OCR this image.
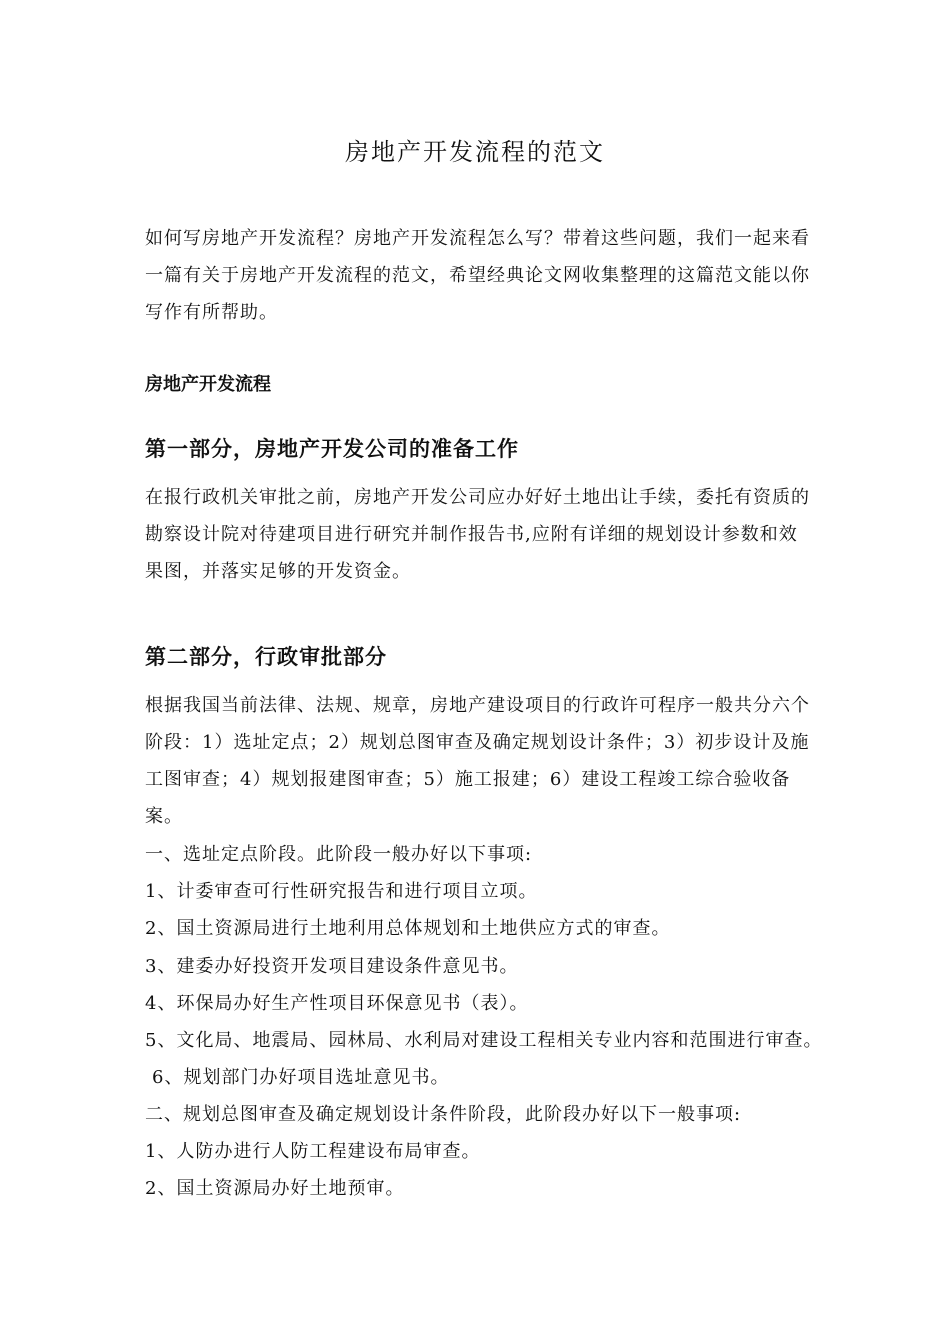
房地产开发流程的范文
如何写房地产开发流程？房地产开发流程怎么写？带着这些问题，我们一起来看一篇有关于房地产开发流程的范文，希望经典论文网收集整理的这篇范文能以你写作有所帮助。
房地产开发流程
第一部分，房地产开发公司的准备工作
在报行政机关审批之前，房地产开发公司应办好好土地出让手续，委托有资质的勘察设计院对待建项目进行研究并制作报告书,应附有详细的规划设计参数和效果图，并落实足够的开发资金。
第二部分，行政审批部分
根据我国当前法律、法规、规章，房地产建设项目的行政许可程序一般共分六个阶段：1）选址定点；2）规划总图审查及确定规划设计条件；3）初步设计及施工图审查；4）规划报建图审查；5）施工报建；6）建设工程竣工综合验收备案。
一、选址定点阶段。此阶段一般办好以下事项:
1、计委审查可行性研究报告和进行项目立项。
2、国土资源局进行土地利用总体规划和土地供应方式的审查。
3、建委办好投资开发项目建设条件意见书。
4、环保局办好生产性项目环保意见书（表）。
5、文化局、地震局、园林局、水利局对建设工程相关专业内容和范围进行审查。
6、规划部门办好项目选址意见书。
二、规划总图审查及确定规划设计条件阶段，此阶段办好以下一般事项:
1、人防办进行人防工程建设布局审查。
2、国土资源局办好土地预审。
